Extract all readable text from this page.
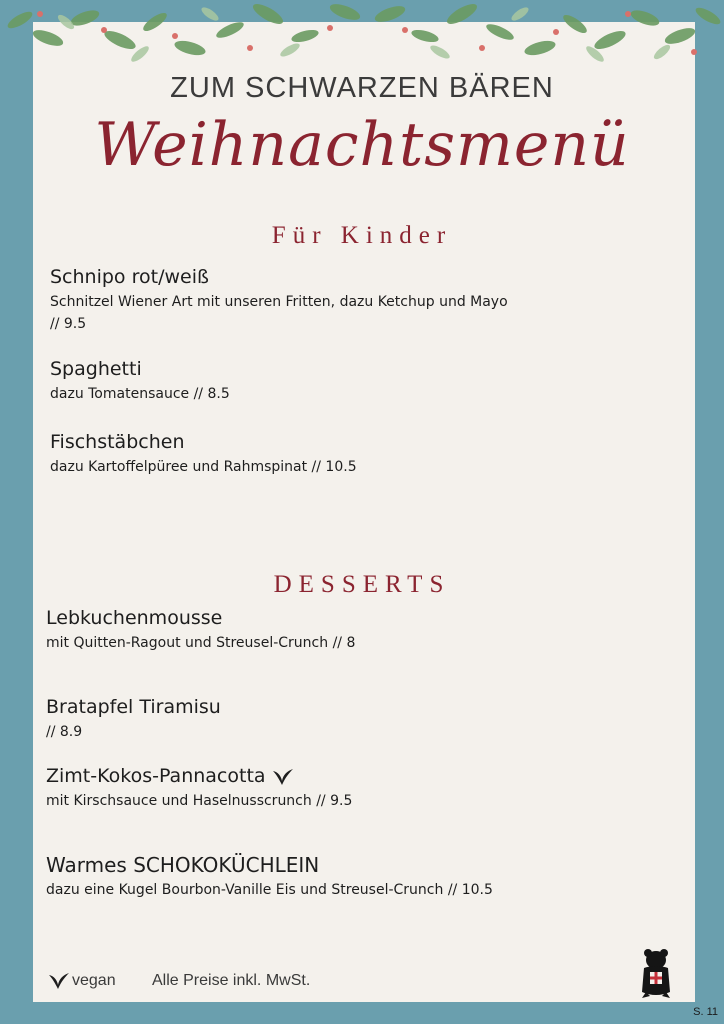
ZUM SCHWARZEN BÄREN
Weihnachtsmenü
Für Kinder
Schnipo rot/weiß
Schnitzel Wiener Art mit unseren Fritten, dazu Ketchup und Mayo // 9.5
Spaghetti
dazu Tomatensauce // 8.5
Fischstäbchen
dazu Kartoffelpüree und Rahmspinat // 10.5
DESSERTS
Lebkuchenmousse
mit Quitten-Ragout und Streusel-Crunch // 8
Bratapfel Tiramisu
// 8.9
Zimt-Kokos-Pannacotta
mit Kirschsauce und Haselnusscrunch // 9.5
Warmes SCHOKOKÜCHLEIN
dazu eine Kugel Bourbon-Vanille Eis und Streusel-Crunch // 10.5
vegan Alle Preise inkl. MwSt.
S. 11
